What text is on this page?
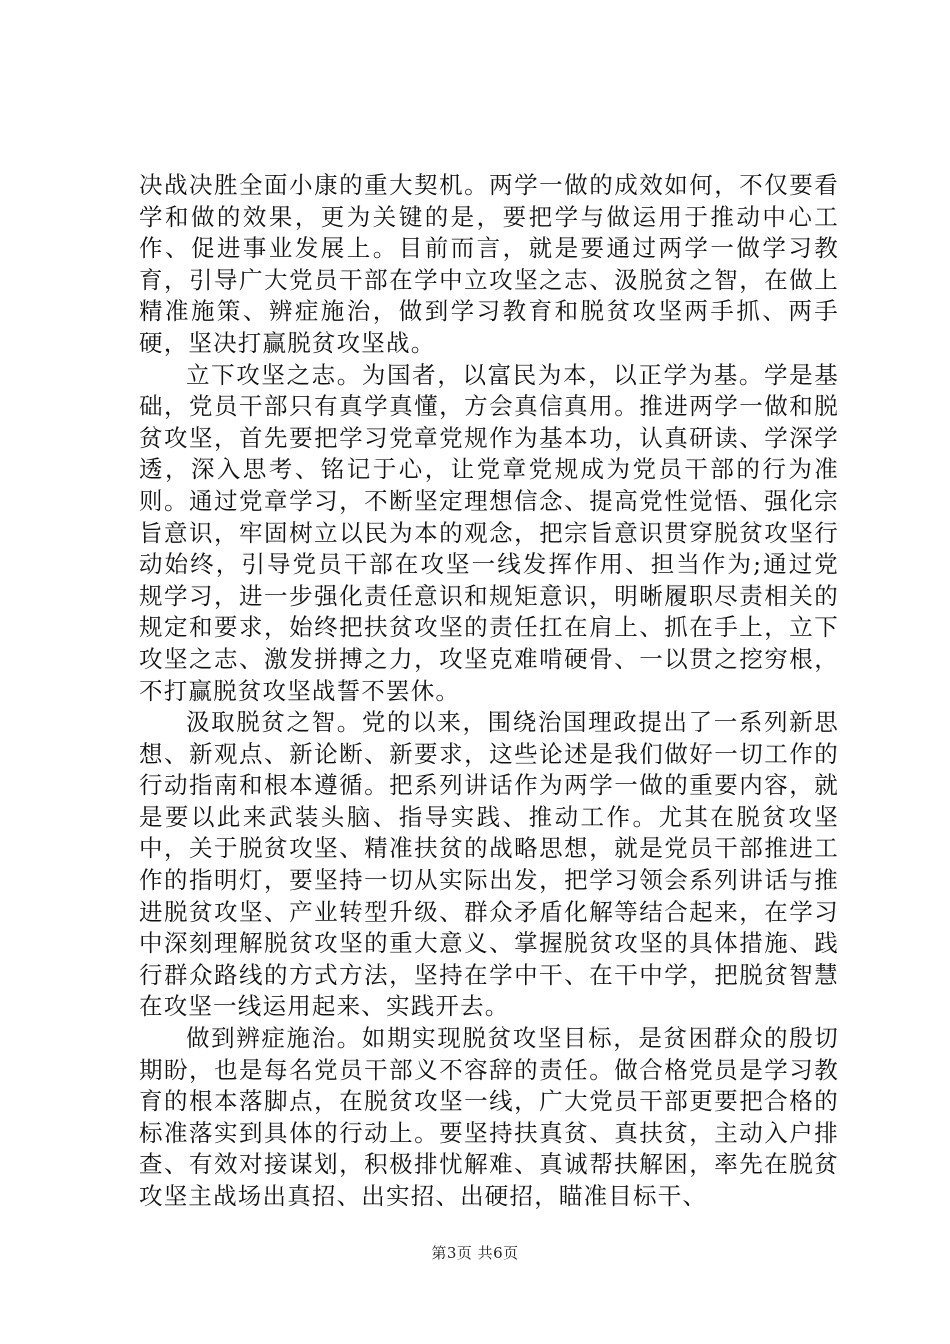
决战决胜全面小康的重大契机。两学一做的成效如何，不仅要看学和做的效果，更为关键的是，要把学与做运用于推动中心工作、促进事业发展上。目前而言，就是要通过两学一做学习教育，引导广大党员干部在学中立攻坚之志、汲脱贫之智，在做上精准施策、辨症施治，做到学习教育和脱贫攻坚两手抓、两手硬，坚决打赢脱贫攻坚战。

立下攻坚之志。为国者，以富民为本，以正学为基。学是基础，党员干部只有真学真懂，方会真信真用。推进两学一做和脱贫攻坚，首先要把学习党章党规作为基本功，认真研读、学深学透，深入思考、铭记于心，让党章党规成为党员干部的行为准则。通过党章学习，不断坚定理想信念、提高党性觉悟、强化宗旨意识，牢固树立以民为本的观念，把宗旨意识贯穿脱贫攻坚行动始终，引导党员干部在攻坚一线发挥作用、担当作为;通过党规学习，进一步强化责任意识和规矩意识，明晰履职尽责相关的规定和要求，始终把扶贫攻坚的责任扛在肩上、抓在手上，立下攻坚之志、激发拼搏之力，攻坚克难啃硬骨、一以贯之挖穷根，不打赢脱贫攻坚战誓不罢休。

汲取脱贫之智。党的以来，围绕治国理政提出了一系列新思想、新观点、新论断、新要求，这些论述是我们做好一切工作的行动指南和根本遵循。把系列讲话作为两学一做的重要内容，就是要以此来武装头脑、指导实践、推动工作。尤其在脱贫攻坚中，关于脱贫攻坚、精准扶贫的战略思想，就是党员干部推进工作的指明灯，要坚持一切从实际出发，把学习领会系列讲话与推进脱贫攻坚、产业转型升级、群众矛盾化解等结合起来，在学习中深刻理解脱贫攻坚的重大意义、掌握脱贫攻坚的具体措施、践行群众路线的方式方法，坚持在学中干、在干中学，把脱贫智慧在攻坚一线运用起来、实践开去。

做到辨症施治。如期实现脱贫攻坚目标，是贫困群众的殷切期盼，也是每名党员干部义不容辞的责任。做合格党员是学习教育的根本落脚点，在脱贫攻坚一线，广大党员干部更要把合格的标准落实到具体的行动上。要坚持扶真贫、真扶贫，主动入户排查、有效对接谋划，积极排忧解难、真诚帮扶解困，率先在脱贫攻坚主战场出真招、出实招、出硬招，瞄准目标干、

第3页 共6页
